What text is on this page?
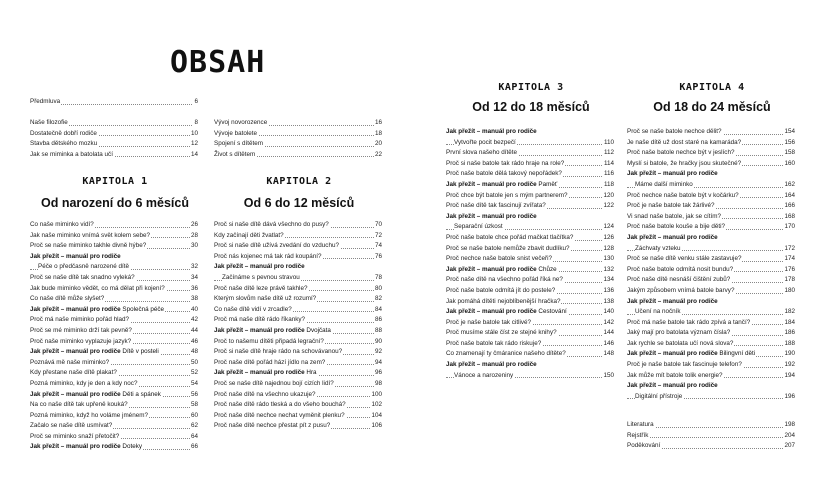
OBSAH
Předmluva	6
Naše filozofie	8
Dostatečně dobří rodiče	10
Stavba dětského mozku	12
Jak se miminka a batolata učí	14
Vývoj novorozence	16
Vývoje batolete	18
Spojení s dítětem	20
Život s dítětem	22
KAPITOLA 1
Od narození do 6 měsíců
Co naše miminko vidí?	26
Jak naše miminko vnímá svět kolem sebe?	28
Proč se naše miminko takhle divně hýbe?	30
Jak přežít – manuál pro rodiče
Péče o předčasně narozené dítě	32
Proč se naše dítě tak snadno vyleká?	34
Jak bude miminko vědět, co má dělat při kojení?	36
Co naše dítě může slyšet?	38
Jak přežít – manuál pro rodiče Společná péče	40
Proč má naše miminko pořád hlad?	42
Proč se mé miminko drží tak pevně?	44
Proč naše miminko vyplazuje jazyk?	46
Jak přežít – manuál pro rodiče Dítě v posteli	48
Poznává mě naše miminko?	50
Kdy přestane naše dítě plakat?	52
Pozná miminko, kdy je den a kdy noc?	54
Jak přežít – manuál pro rodiče Děti a spánek	56
Na co naše dítě tak upřeně kouká?	58
Pozná miminko, když ho voláme jménem?	60
Začalo se naše dítě usmívat?	62
Proč se miminko snaží přetočit?	64
Jak přežít – manuál pro rodiče Doteky	66
KAPITOLA 2
Od 6 do 12 měsíců
Proč si naše dítě dává všechno do pusy?	70
Kdy začínají děti žvatlat?	72
Proč si naše dítě užívá zvedání do vzduchu?	74
Proč nás kojenec má tak rád koupání?	76
Jak přežít – manuál pro rodiče
Začínáme s pevnou stravou	78
Proč naše dítě leze právě takhle?	80
Kterým slovům naše dítě už rozumí?	82
Co naše dítě vidí v zrcadle?	84
Proč má naše dítě rádo říkanky?	86
Jak přežít – manuál pro rodiče Dvojčata	88
Proč to našemu dítěti připadá legrační?	90
Proč si naše dítě hraje rádo na schovávanou?	92
Proč naše dítě pořád hází jídlo na zem?	94
Jak přežít – manuál pro rodiče Hra	96
Proč se naše dítě najednou bojí cizích lidí?	98
Proč naše dítě na všechno ukazuje?	100
Proč naše dítě rádo tleská a do všeho bouchá?	102
Proč naše dítě nechce nechat vyměnit plenku?	104
Proč naše dítě nechce přestat pít z pusu?	106
KAPITOLA 3
Od 12 do 18 měsíců
Jak přežít – manuál pro rodiče
Vytvořte pocit bezpečí	110
První slova našeho dítěte	112
Proč si naše batole tak rádo hraje na role?	114
Proč naše batole dělá takový nepořádek?	116
Jak přežít – manuál pro rodiče Paměť	118
Proč chce být batole jen s mým partnerem?	120
Proč naše dítě tak fascinují zvířata?	122
Jak přežít – manuál pro rodiče
Separační úzkost	124
Proč naše batole chce pořád mačkat tlačítka?	126
Proč se naše batole nemůže zbavit dudlíku?	128
Proč nechce naše batole snist večeři?	130
Jak přežít – manuál pro rodiče Chůze	132
Proč naše dítě na všechno pořád říká ne?	134
Proč naše batole odmítá jít do postele?	136
Jak pomáhá dítěti nejoblíbenější hračka?	138
Jak přežít – manuál pro rodiče Cestování	140
Proč je naše batole tak citlivé?	142
Proč musíme stále číst ze stejné knihy?	144
Proč naše batole tak rádo riskuje?	146
Co znamenají ty čmáranice našeho dítěte?	148
Jak přežít – manuál pro rodiče
Vánoce a narozeniny	150
KAPITOLA 4
Od 18 do 24 měsíců
Proč se naše batole nechce dělit?	154
Je naše dítě už dost staré na kamaráda?	156
Proč naše batole nechce být v jeslích?	158
Myslí si batole, že hračky jsou skutečné?	160
Jak přežít – manuál pro rodiče
Máme další miminko	162
Proč nechce naše batole být v kočárku?	164
Proč je naše batole tak žárlivé?	166
Vi snad naše batole, jak se cítím?	168
Proč naše batole kouše a bije děti?	170
Jak přežít – manuál pro rodiče
Záchvaty vzteku	172
Proč se naše dítě venku stále zastavuje?	174
Proč naše batole odmítá nosit bundu?	176
Proč naše dítě nesnáší čištění zubů?	178
Jakým způsobem vnímá batole barvy?	180
Jak přežít – manuál pro rodiče
Učení na nočník	182
Proč má naše batole tak rádo zpívá a tančí?	184
Jaký mají pro batolata význam čísla?	186
Jak rychle se batolata učí nová slova?	188
Jak přežít – manuál pro rodiče Bilingvní děti	190
Proč je naše batole tak fascinuje telefon?	192
Jak může mít batole tolik energie?	194
Jak přežít – manuál pro rodiče
Digitální přístroje	196
Literatura	198
Rejstřík	204
Poděkování	207
